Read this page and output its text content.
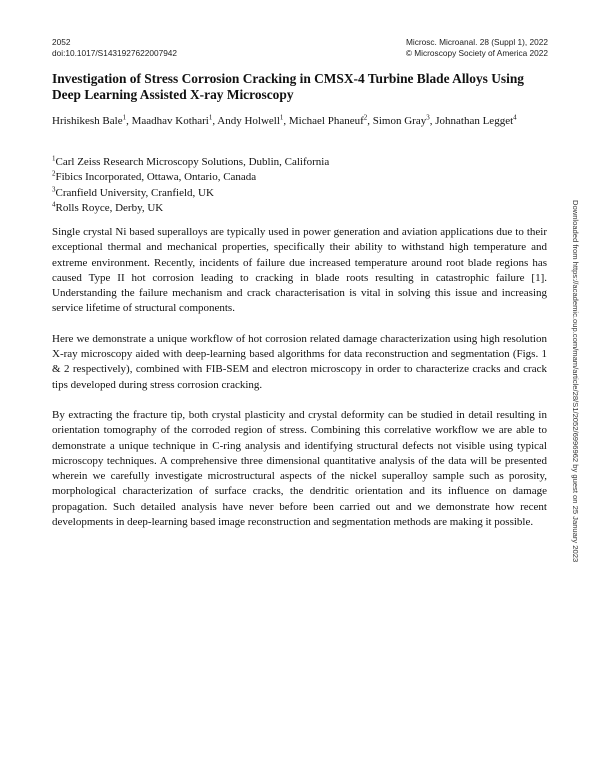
2052
doi:10.1017/S1431927622007942
Microsc. Microanal. 28 (Suppl 1), 2022
© Microscopy Society of America 2022
Investigation of Stress Corrosion Cracking in CMSX-4 Turbine Blade Alloys Using Deep Learning Assisted X-ray Microscopy
Hrishikesh Bale$^1$, Maadhav Kothari$^1$, Andy Holwell$^1$, Michael Phaneuf$^2$, Simon Gray$^3$, Johnathan Legget$^4$
$^1$Carl Zeiss Research Microscopy Solutions, Dublin, California
$^2$Fibics Incorporated, Ottawa, Ontario, Canada
$^3$Cranfield University, Cranfield, UK
$^4$Rolls Royce, Derby, UK

Single crystal Ni based superalloys are typically used in power generation and aviation applications due to their exceptional thermal and mechanical properties, specifically their ability to withstand high temperature and extreme environment. Recently, incidents of failure due increased temperature around root blade regions has caused Type II hot corrosion leading to cracking in blade roots resulting in catastrophic failure [1]. Understanding the failure mechanism and crack characterisation is vital in solving this issue and increasing service lifetime of structural components.

Here we demonstrate a unique workflow of hot corrosion related damage characterization using high resolution X-ray microscopy aided with deep-learning based algorithms for data reconstruction and segmentation (Figs. 1 & 2 respectively), combined with FIB-SEM and electron microscopy in order to characterize cracks and crack tips developed during stress corrosion cracking.

By extracting the fracture tip, both crystal plasticity and crystal deformity can be studied in detail resulting in orientation tomography of the corroded region of stress. Combining this correlative workflow we are able to demonstrate a unique technique in C-ring analysis and identifying structural defects not visible using typical microscopy techniques. A comprehensive three dimensional quantitative analysis of the data will be presented wherein we carefully investigate microstructural aspects of the nickel superalloy sample such as porosity, morphological characterization of surface cracks, the dendritic orientation and its influence on damage propagation. Such detailed analysis have never before been carried out and we demonstrate how recent developments in deep-learning based image reconstruction and segmentation methods are making it possible.	Downloaded from https://academic.oup.com/mam/article/28/S1/2052/6996962 by guest on 25 January 2023
